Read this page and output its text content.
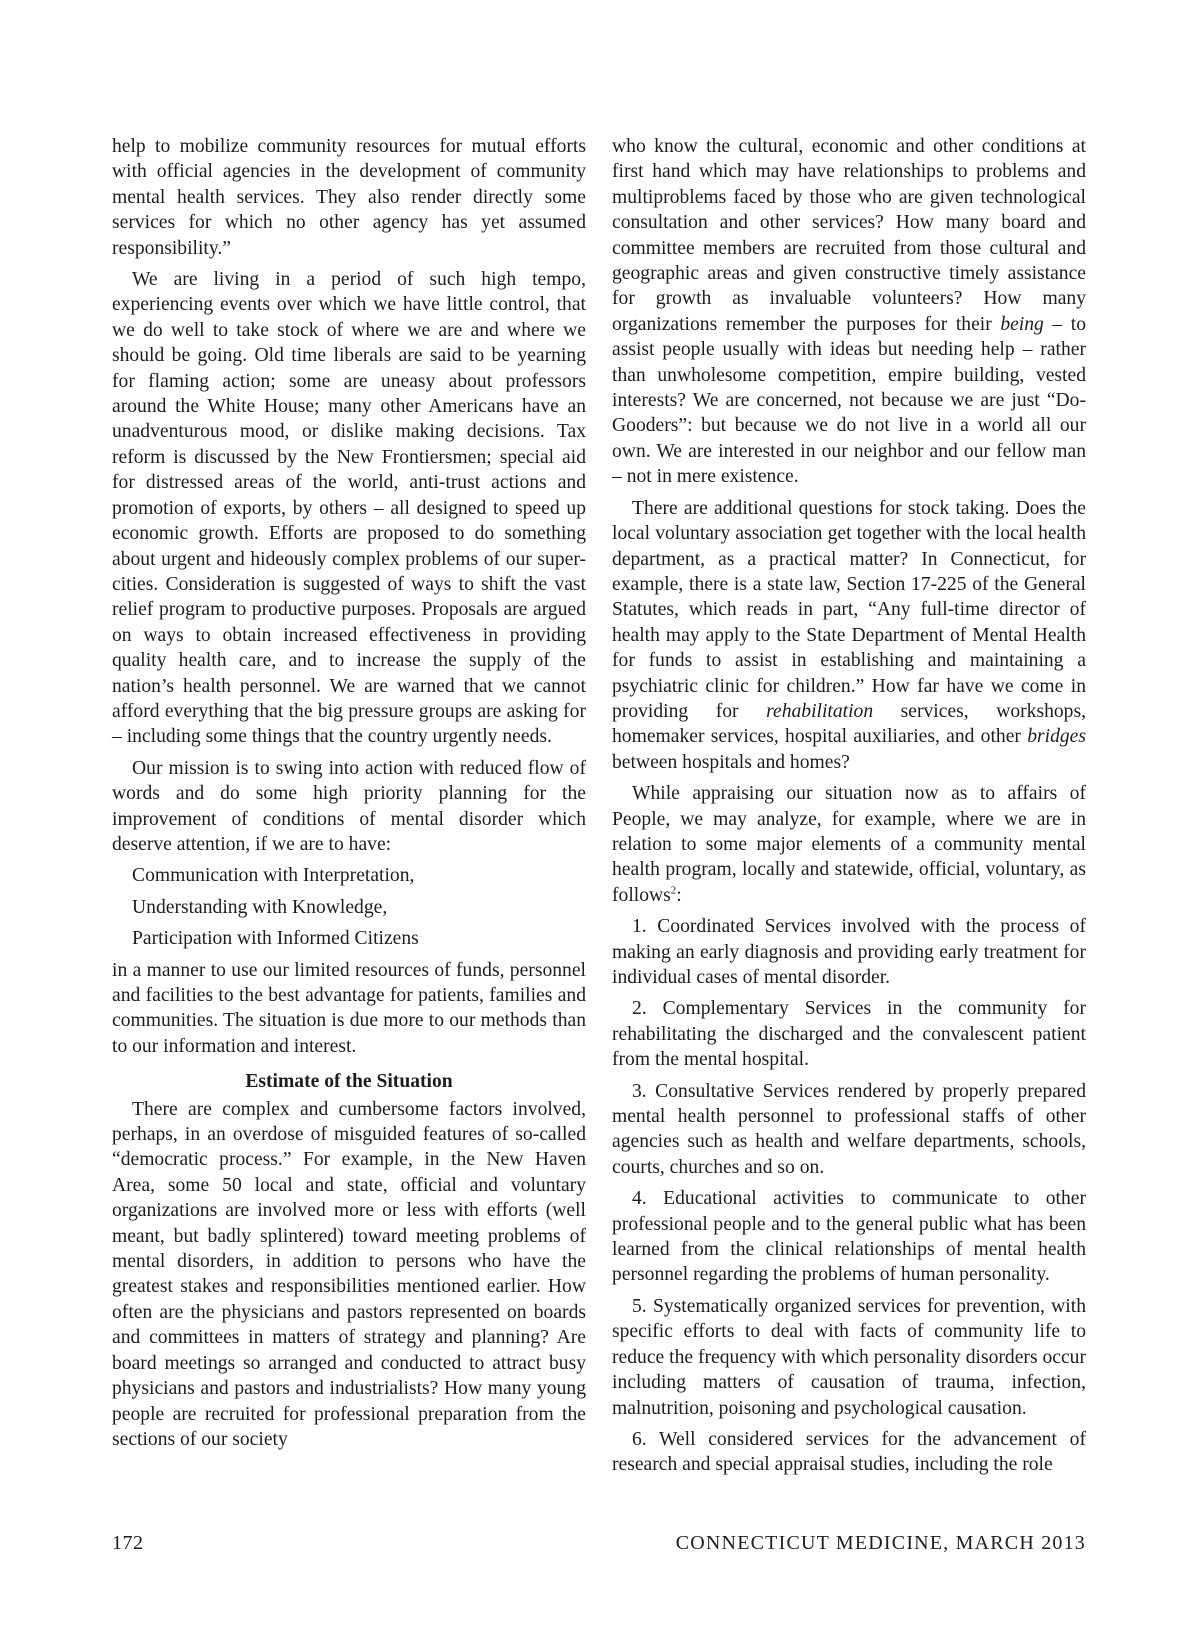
help to mobilize community resources for mutual efforts with official agencies in the development of community mental health services. They also render directly some services for which no other agency has yet assumed responsibility.”

We are living in a period of such high tempo, experiencing events over which we have little control, that we do well to take stock of where we are and where we should be going. Old time liberals are said to be yearning for flaming action; some are uneasy about professors around the White House; many other Americans have an unadventurous mood, or dislike making decisions. Tax reform is discussed by the New Frontiersmen; special aid for distressed areas of the world, anti-trust actions and promotion of exports, by others – all designed to speed up economic growth. Efforts are proposed to do something about urgent and hideously complex problems of our super-cities. Consideration is suggested of ways to shift the vast relief program to productive purposes. Proposals are argued on ways to obtain increased effectiveness in providing quality health care, and to increase the supply of the nation’s health personnel. We are warned that we cannot afford everything that the big pressure groups are asking for – including some things that the country urgently needs.

Our mission is to swing into action with reduced flow of words and do some high priority planning for the improvement of conditions of mental disorder which deserve attention, if we are to have:

Communication with Interpretation,

Understanding with Knowledge,

Participation with Informed Citizens

in a manner to use our limited resources of funds, personnel and facilities to the best advantage for patients, families and communities. The situation is due more to our methods than to our information and interest.

Estimate of the Situation

There are complex and cumbersome factors involved, perhaps, in an overdose of misguided features of so-called “democratic process.” For example, in the New Haven Area, some 50 local and state, official and voluntary organizations are involved more or less with efforts (well meant, but badly splintered) toward meeting problems of mental disorders, in addition to persons who have the greatest stakes and responsibilities mentioned earlier. How often are the physicians and pastors represented on boards and committees in matters of strategy and planning? Are board meetings so arranged and conducted to attract busy physicians and pastors and industrialists? How many young people are recruited for professional preparation from the sections of our society

who know the cultural, economic and other conditions at first hand which may have relationships to problems and multiproblems faced by those who are given technological consultation and other services? How many board and committee members are recruited from those cultural and geographic areas and given constructive timely assistance for growth as invaluable volunteers? How many organizations remember the purposes for their being – to assist people usually with ideas but needing help – rather than unwholesome competition, empire building, vested interests? We are concerned, not because we are just “Do-Gooders”: but because we do not live in a world all our own. We are interested in our neighbor and our fellow man – not in mere existence.

There are additional questions for stock taking. Does the local voluntary association get together with the local health department, as a practical matter? In Connecticut, for example, there is a state law, Section 17-225 of the General Statutes, which reads in part, “Any full-time director of health may apply to the State Department of Mental Health for funds to assist in establishing and maintaining a psychiatric clinic for children.” How far have we come in providing for rehabilitation services, workshops, homemaker services, hospital auxiliaries, and other bridges between hospitals and homes?

While appraising our situation now as to affairs of People, we may analyze, for example, where we are in relation to some major elements of a community mental health program, locally and statewide, official, voluntary, as follows$^2$:

1. Coordinated Services involved with the process of making an early diagnosis and providing early treatment for individual cases of mental disorder.

2. Complementary Services in the community for rehabilitating the discharged and the convalescent patient from the mental hospital.

3. Consultative Services rendered by properly prepared mental health personnel to professional staffs of other agencies such as health and welfare departments, schools, courts, churches and so on.

4. Educational activities to communicate to other professional people and to the general public what has been learned from the clinical relationships of mental health personnel regarding the problems of human personality.

5. Systematically organized services for prevention, with specific efforts to deal with facts of community life to reduce the frequency with which personality disorders occur including matters of causation of trauma, infection, malnutrition, poisoning and psychological causation.

6. Well considered services for the advancement of research and special appraisal studies, including the role

172	CONNECTICUT MEDICINE, MARCH 2013
